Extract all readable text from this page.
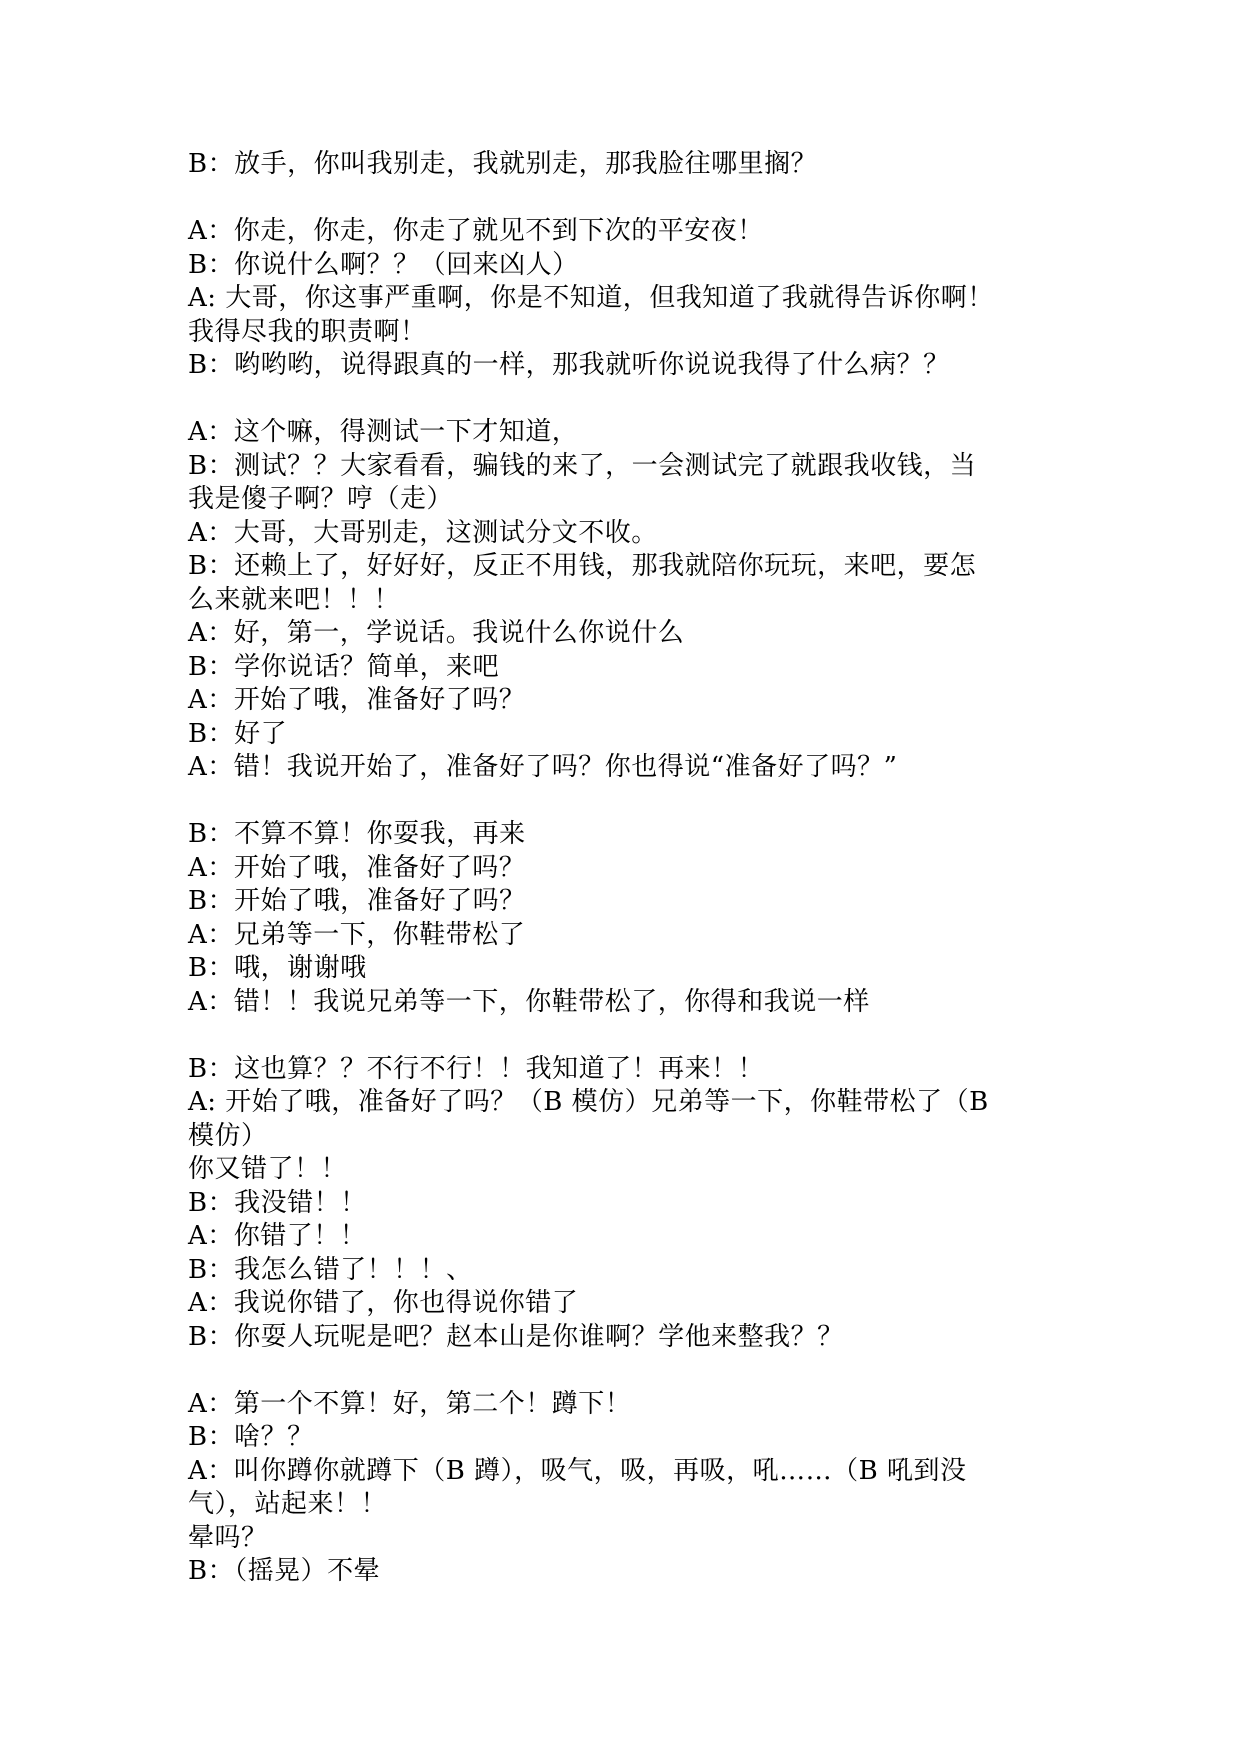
B：放手，你叫我别走，我就别走，那我脸往哪里搁？
A：你走，你走，你走了就见不到下次的平安夜！
B：你说什么啊？？（回来凶人）
A: 大哥，你这事严重啊，你是不知道，但我知道了我就得告诉你啊！
我得尽我的职责啊！
B：哟哟哟，说得跟真的一样，那我就听你说说我得了什么病？？
A：这个嘛，得测试一下才知道，
B：测试？？大家看看，骗钱的来了，一会测试完了就跟我收钱，当
我是傻子啊？哼（走）
A：大哥，大哥别走，这测试分文不收。
B：还赖上了，好好好，反正不用钱，那我就陪你玩玩，来吧，要怎
么来就来吧！！！
A：好，第一，学说话。我说什么你说什么
B：学你说话？简单，来吧
A：开始了哦，准备好了吗？
B：好了
A：错！我说开始了，准备好了吗？你也得说“准备好了吗？”
B：不算不算！你耍我，再来
A：开始了哦，准备好了吗？
B：开始了哦，准备好了吗？
A：兄弟等一下，你鞋带松了
B：哦，谢谢哦
A：错！！我说兄弟等一下，你鞋带松了，你得和我说一样
B：这也算？？不行不行！！我知道了！再来！！
A: 开始了哦，准备好了吗？（B 模仿）兄弟等一下，你鞋带松了（B
模仿）
你又错了！！
B：我没错！！
A：你错了！！
B：我怎么错了！！！、
A：我说你错了，你也得说你错了
B：你耍人玩呢是吧？赵本山是你谁啊？学他来整我？？
A：第一个不算！好，第二个！蹲下！
B：啥？？
A：叫你蹲你就蹲下（B 蹲），吸气，吸，再吸，吼……（B 吼到没
气），站起来！！
晕吗？
B：（摇晃）不晕
